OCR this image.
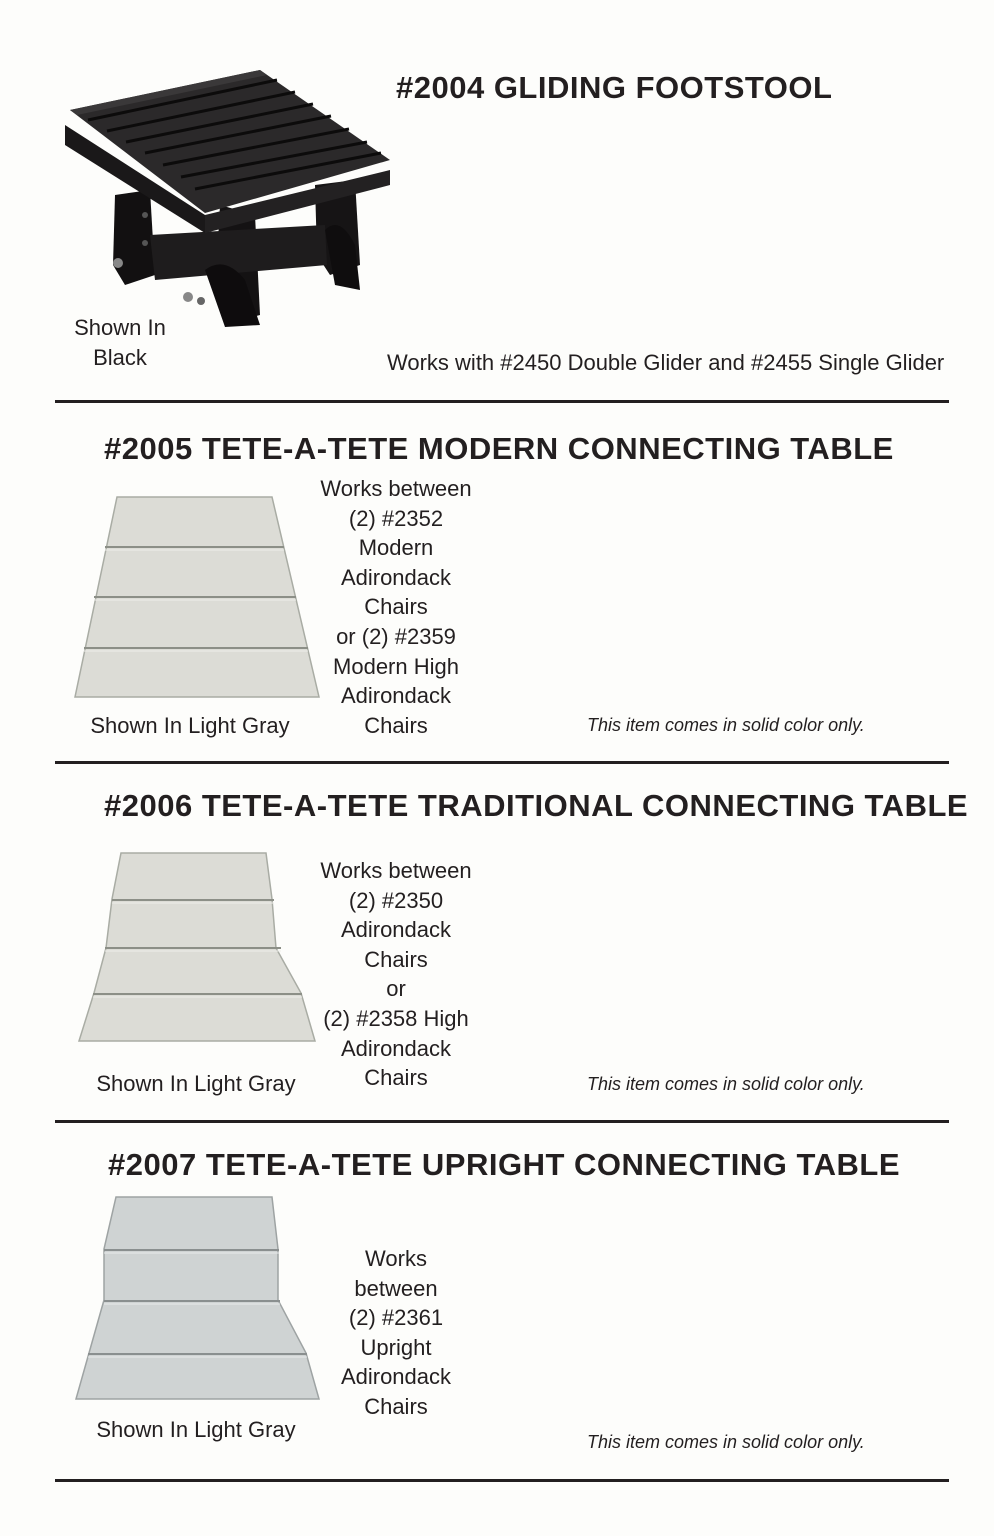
#2004 GLIDING FOOTSTOOL
Shown In
Black	Works with #2450 Double Glider and #2455 Single Glider
#2005 TETE-A-TETE MODERN CONNECTING TABLE
Shown In Light Gray
Works between
(2) #2352
Modern
Adirondack
Chairs
or (2) #2359
Modern High
Adirondack
Chairs	This item comes in solid color only.
#2006 TETE-A-TETE TRADITIONAL CONNECTING TABLE
Shown In Light Gray
Works between
(2) #2350
Adirondack
Chairs
or
(2) #2358 High
Adirondack
Chairs	This item comes in solid color only.
#2007 TETE-A-TETE UPRIGHT CONNECTING TABLE
Shown In Light Gray
Works
between
(2) #2361
Upright
Adirondack
Chairs
This item comes in solid color only.
